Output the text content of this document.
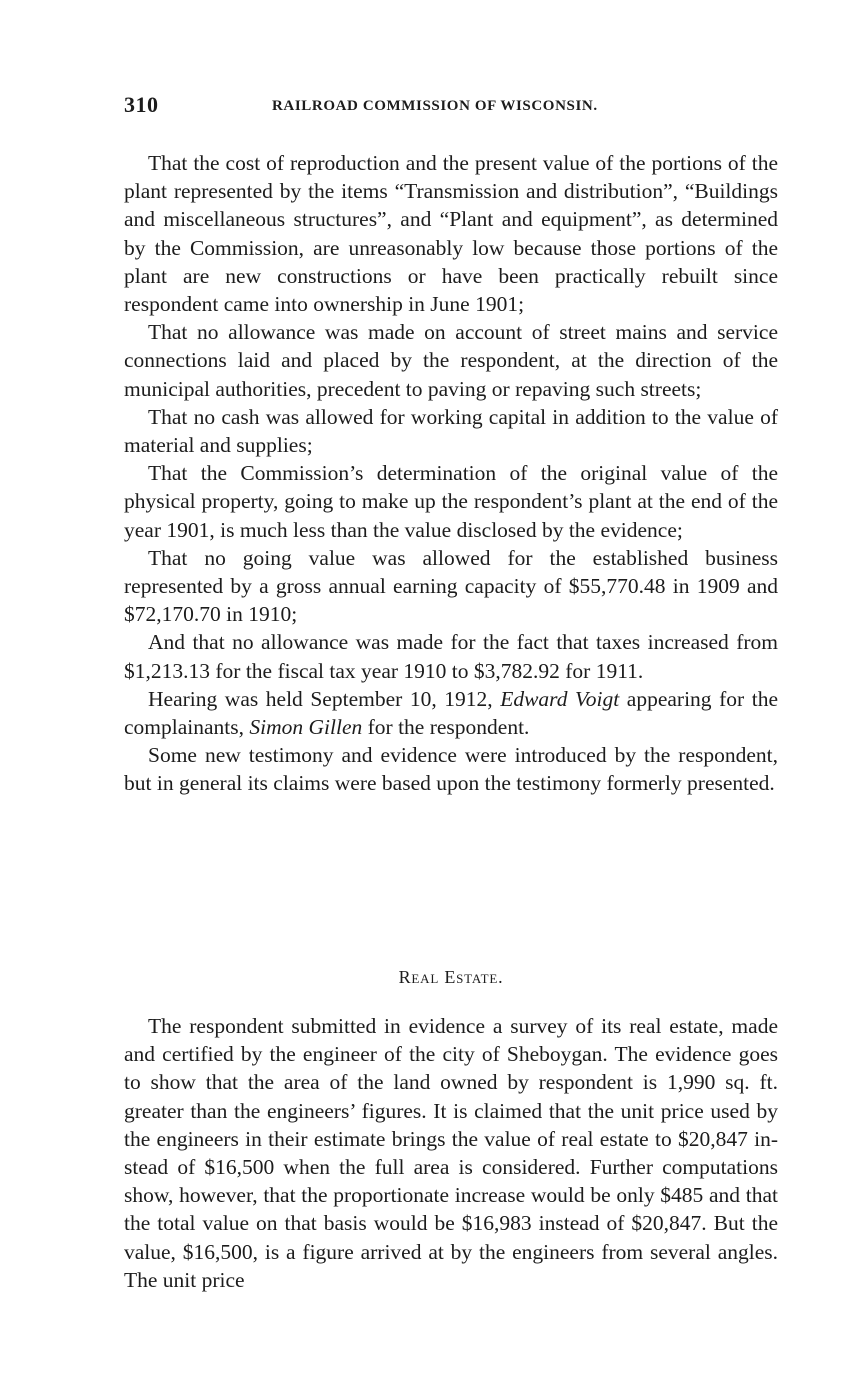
310	RAILROAD COMMISSION OF WISCONSIN.

That the cost of reproduction and the present value of the portions of the plant represented by the items “Transmission and distribution”, “Buildings and miscellaneous structures”, and “Plant and equipment”, as determined by the Commission, are unreasonably low because those portions of the plant are new constructions or have been practically rebuilt since respondent came into ownership in June 1901;

That no allowance was made on account of street mains and service connections laid and placed by the respondent, at the direction of the municipal authorities, precedent to paving or repaving such streets;

That no cash was allowed for working capital in addition to the value of material and supplies;

That the Commission’s determination of the original value of the physical property, going to make up the respondent’s plant at the end of the year 1901, is much less than the value disclosed by the evidence;

That no going value was allowed for the established business represented by a gross annual earning capacity of $55,770.48 in 1909 and $72,170.70 in 1910;

And that no allowance was made for the fact that taxes increased from $1,213.13 for the fiscal tax year 1910 to $3,782.92 for 1911.

Hearing was held September 10, 1912, Edward Voigt appearing for the complainants, Simon Gillen for the respondent.

Some new testimony and evidence were introduced by the respondent, but in general its claims were based upon the testimony formerly presented.

Real Estate.

The respondent submitted in evidence a survey of its real estate, made and certified by the engineer of the city of Sheboygan. The evidence goes to show that the area of the land owned by respondent is 1,990 sq. ft. greater than the engineers’ figures. It is claimed that the unit price used by the engineers in their estimate brings the value of real estate to $20,847 instead of $16,500 when the full area is considered. Further computations show, however, that the proportionate increase would be only $485 and that the total value on that basis would be $16,983 instead of $20,847. But the value, $16,500, is a figure arrived at by the engineers from several angles. The unit price
